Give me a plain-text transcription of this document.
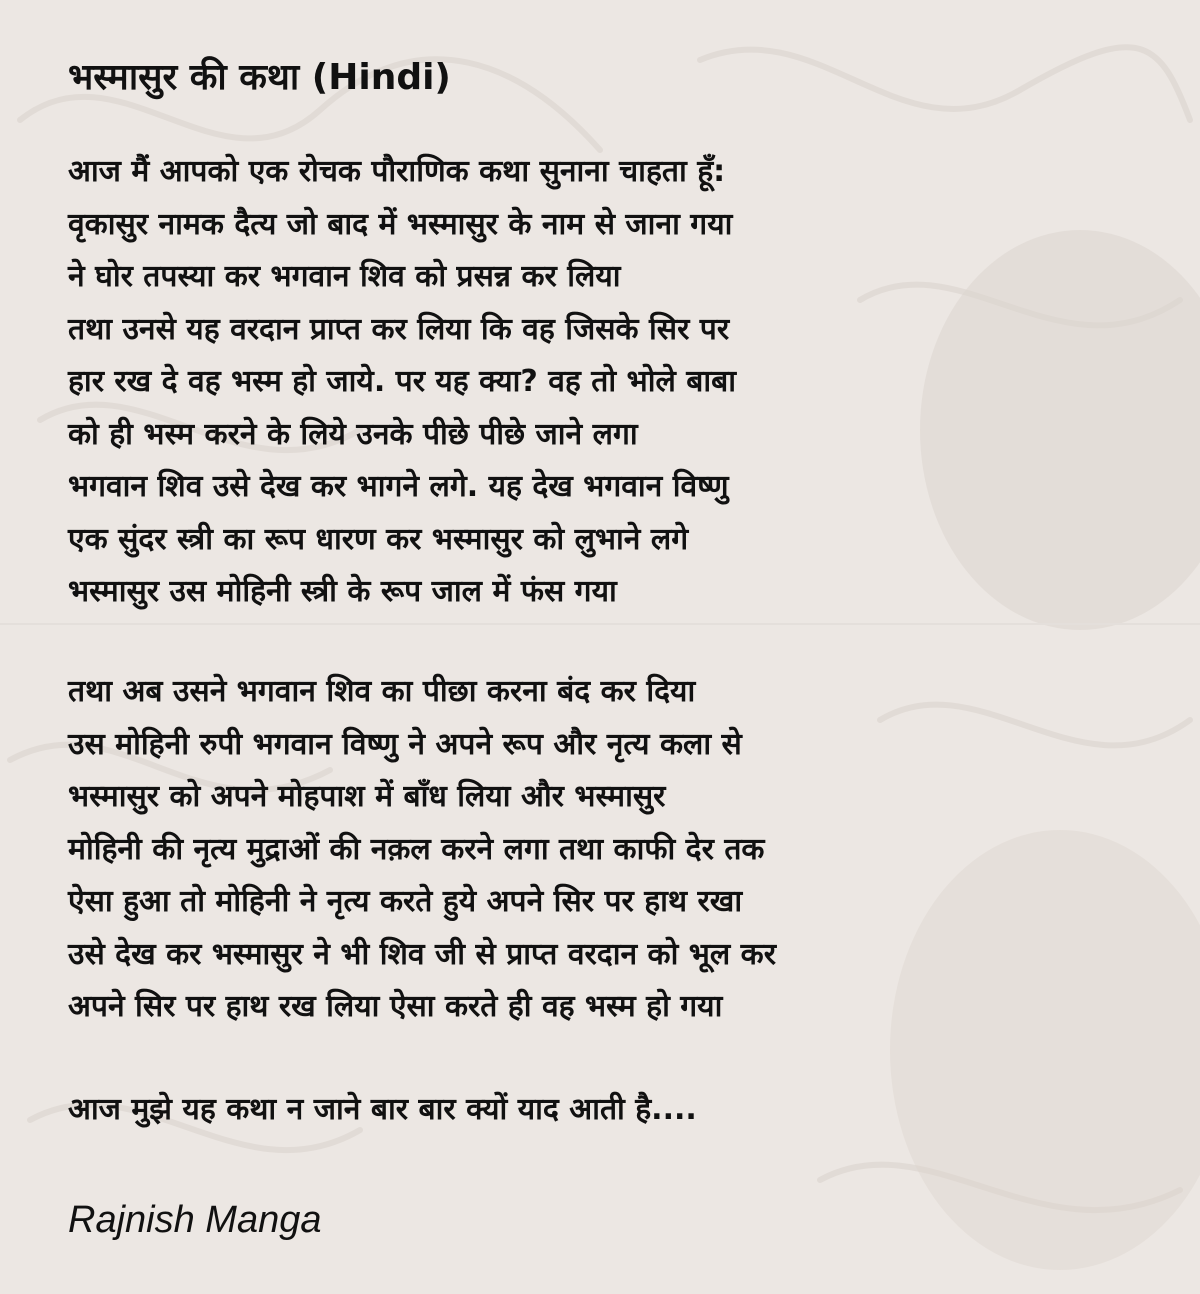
भस्मासुर की कथा (Hindi)
आज मैं आपको एक रोचक पौराणिक कथा सुनाना चाहता हूँ:
वृकासुर नामक दैत्य जो बाद में भस्मासुर के नाम से जाना गया
ने घोर तपस्या कर भगवान शिव को प्रसन्न कर लिया
तथा उनसे यह वरदान प्राप्त कर लिया कि वह जिसके सिर पर
हार रख दे वह भस्म हो जाये. पर यह क्या? वह तो भोले बाबा
को ही भस्म करने के लिये उनके पीछे पीछे जाने लगा
भगवान शिव उसे देख कर भागने लगे. यह देख भगवान विष्णु
एक सुंदर स्त्री का रूप धारण कर भस्मासुर को लुभाने लगे
भस्मासुर उस मोहिनी स्त्री के रूप जाल में फंस गया
तथा अब उसने भगवान शिव का पीछा करना बंद कर दिया
उस मोहिनी रुपी भगवान विष्णु ने अपने रूप और नृत्य कला से
भस्मासुर को अपने मोहपाश में बाँध लिया और भस्मासुर
मोहिनी की नृत्य मुद्राओं की नक़ल करने लगा तथा काफी देर तक
ऐसा हुआ तो मोहिनी ने नृत्य करते हुये अपने सिर पर हाथ रखा
उसे देख कर भस्मासुर ने भी शिव जी से प्राप्त वरदान को भूल कर
अपने सिर पर हाथ रख लिया ऐसा करते ही वह भस्म हो गया
आज मुझे यह कथा न जाने बार बार क्यों याद आती है....

Rajnish Manga
